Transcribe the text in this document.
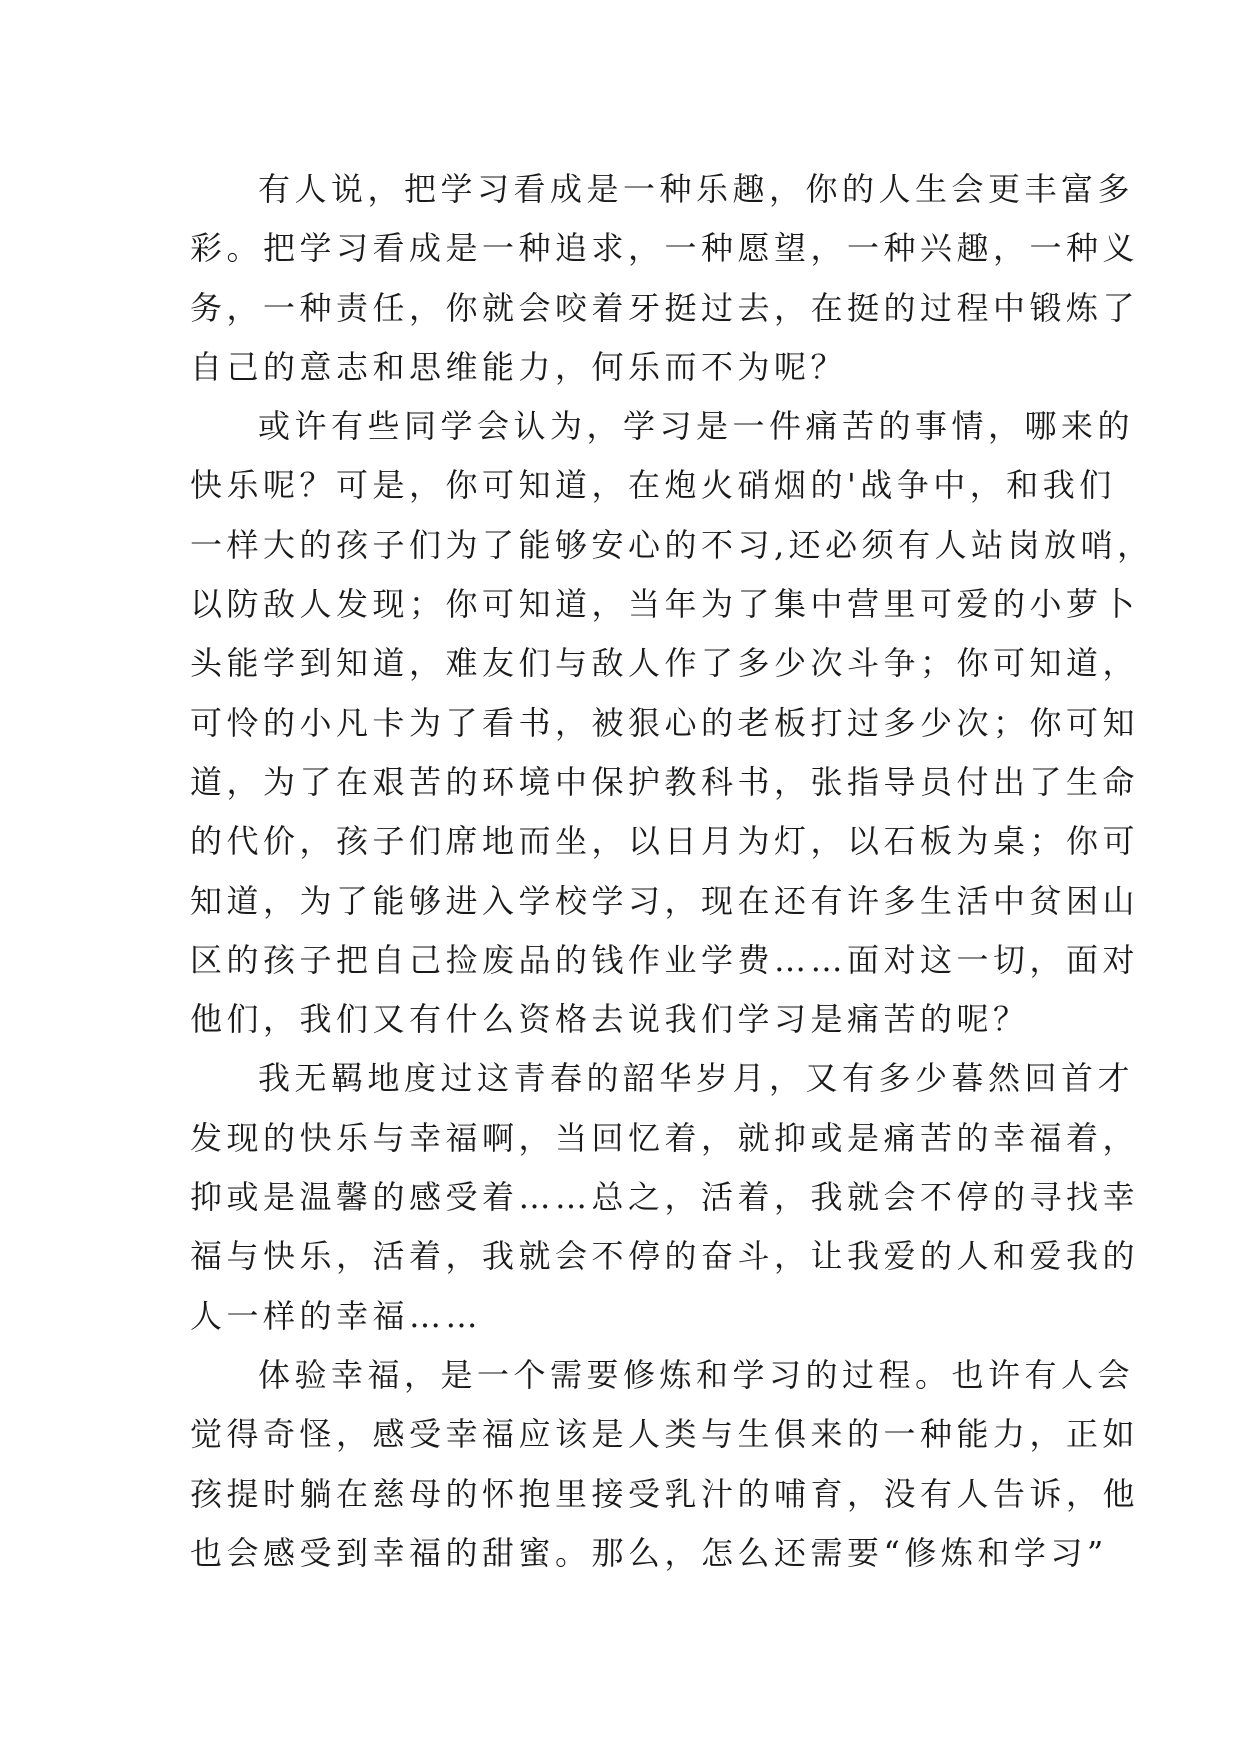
有人说，把学习看成是一种乐趣，你的人生会更丰富多
彩。把学习看成是一种追求，一种愿望，一种兴趣，一种义
务，一种责任，你就会咬着牙挺过去，在挺的过程中锻炼了
自己的意志和思维能力，何乐而不为呢？
或许有些同学会认为，学习是一件痛苦的事情，哪来的
快乐呢？可是，你可知道，在炮火硝烟的'战争中，和我们
一样大的孩子们为了能够安心的不习,还必须有人站岗放哨，
以防敌人发现；你可知道，当年为了集中营里可爱的小萝卜
头能学到知道，难友们与敌人作了多少次斗争；你可知道，
可怜的小凡卡为了看书，被狠心的老板打过多少次；你可知
道，为了在艰苦的环境中保护教科书，张指导员付出了生命
的代价，孩子们席地而坐，以日月为灯，以石板为桌；你可
知道，为了能够进入学校学习，现在还有许多生活中贫困山
区的孩子把自己捡废品的钱作业学费……面对这一切，面对
他们，我们又有什么资格去说我们学习是痛苦的呢？
我无羁地度过这青春的韶华岁月，又有多少暮然回首才
发现的快乐与幸福啊，当回忆着，就抑或是痛苦的幸福着，
抑或是温馨的感受着……总之，活着，我就会不停的寻找幸
福与快乐，活着，我就会不停的奋斗，让我爱的人和爱我的
人一样的幸福……
体验幸福，是一个需要修炼和学习的过程。也许有人会
觉得奇怪，感受幸福应该是人类与生俱来的一种能力，正如
孩提时躺在慈母的怀抱里接受乳汁的哺育，没有人告诉，他
也会感受到幸福的甜蜜。那么，怎么还需要“修炼和学习”
